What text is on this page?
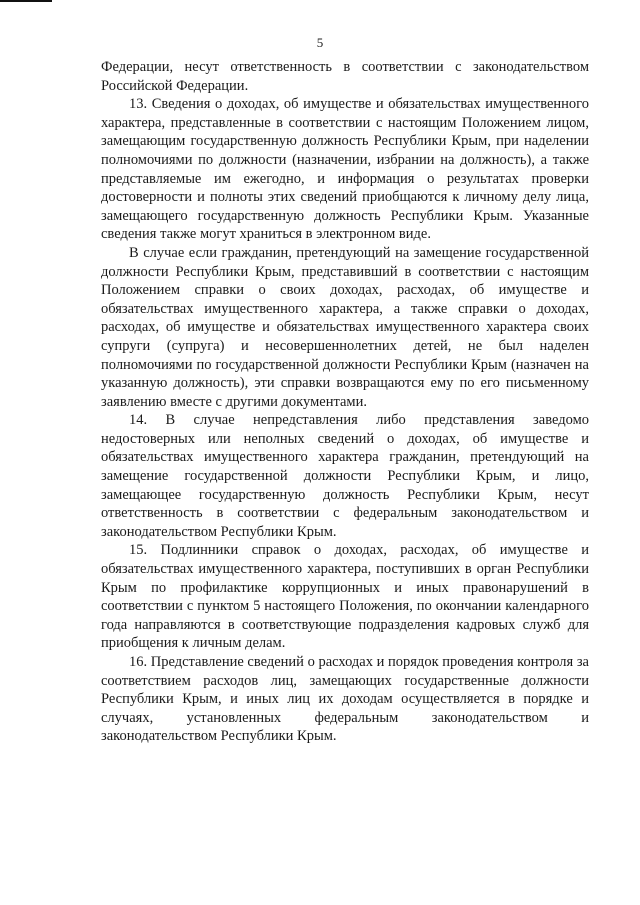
5

Федерации, несут ответственность в соответствии с законодательством Российской Федерации.

13. Сведения о доходах, об имуществе и обязательствах имущественного характера, представленные в соответствии с настоящим Положением лицом, замещающим государственную должность Республики Крым, при наделении полномочиями по должности (назначении, избрании на должность), а также представляемые им ежегодно, и информация о результатах проверки достоверности и полноты этих сведений приобщаются к личному делу лица, замещающего государственную должность Республики Крым. Указанные сведения также могут храниться в электронном виде.

В случае если гражданин, претендующий на замещение государственной должности Республики Крым, представивший в соответствии с настоящим Положением справки о своих доходах, расходах, об имуществе и обязательствах имущественного характера, а также справки о доходах, расходах, об имуществе и обязательствах имущественного характера своих супруги (супруга) и несовершеннолетних детей, не был наделен полномочиями по государственной должности Республики Крым (назначен на указанную должность), эти справки возвращаются ему по его письменному заявлению вместе с другими документами.

14. В случае непредставления либо представления заведомо недостоверных или неполных сведений о доходах, об имуществе и обязательствах имущественного характера гражданин, претендующий на замещение государственной должности Республики Крым, и лицо, замещающее государственную должность Республики Крым, несут ответственность в соответствии с федеральным законодательством и законодательством Республики Крым.

15. Подлинники справок о доходах, расходах, об имуществе и обязательствах имущественного характера, поступивших в орган Республики Крым по профилактике коррупционных и иных правонарушений в соответствии с пунктом 5 настоящего Положения, по окончании календарного года направляются в соответствующие подразделения кадровых служб для приобщения к личным делам.

16. Представление сведений о расходах и порядок проведения контроля за соответствием расходов лиц, замещающих государственные должности Республики Крым, и иных лиц их доходам осуществляется в порядке и случаях, установленных федеральным законодательством и законодательством Республики Крым.
